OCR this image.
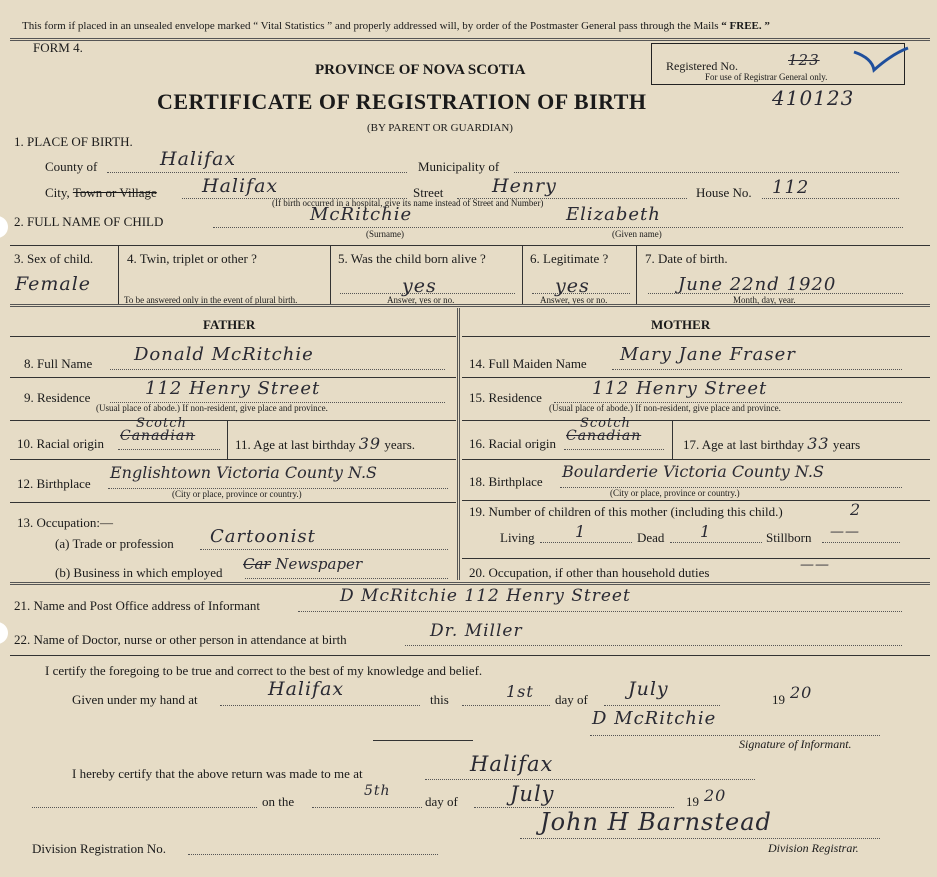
This form if placed in an unsealed envelope marked “ Vital Statistics ” and properly addressed will, by order of the Postmaster General pass through the Mails “ FREE. ”
FORM 4.
Registered No.	123
For use of Registrar General only.
PROVINCE OF NOVA SCOTIA
CERTIFICATE OF REGISTRATION OF BIRTH	410123
(BY PARENT OR GUARDIAN)
1. PLACE OF BIRTH.
County of	Halifax	Municipality of
City, Town or Village Halifax	Street	Henry
(If birth occurred in a hospital, give its name instead of Street and Number)
House No. 112
2. FULL NAME OF CHILD	McRitchie	Elizabeth
(Surname)	(Given name)
3. Sex of child.
Female
4. Twin, triplet or other ?
To be answered only in the event of plural birth.
5. Was the child born alive ?
yes
Answer, yes or no.
6. Legitimate ?
yes
Answer, yes or no.
7. Date of birth.
June 22nd 1920
Month, day, year.
FATHER
8. Full Name Donald McRitchie
9. Residence	112 Henry Street
(Usual place of abode.) If non-resident, give place and province.
10. Racial origin Canadian
Scotch
11. Age at last birthday 39 years.
12. Birthplace
Englishtown Victoria County N.S
(City or place, province or country.)
13. Occupation:—
(a) Trade or profession Cartoonist
(b) Business in which employed Car Newspaper
MOTHER
14. Full Maiden Name Mary Jane Fraser
15. Residence	112 Henry Street
(Usual place of abode.) If non-resident, give place and province.
16. Racial origin Canadian
Scotch
17. Age at last birthday 33 years
18. Birthplace
Boularderie Victoria County N.S
(City or place, province or country.)
19. Number of children of this mother (including this child.)	2
Living	1	Dead 1	Stillborn ——
20. Occupation, if other than household duties	——
21. Name and Post Office address of Informant	D McRitchie 112 Henry Street
22. Name of Doctor, nurse or other person in attendance at birth	Dr. Miller
I certify the foregoing to be true and correct to the best of my knowledge and belief.
Given under my hand at	Halifax	this	1st day of July	19 20
D McRitchie
Signature of Informant.
I hereby certify that the above return was made to me at	Halifax
on the
5th
day of July	19 20
Division Registration No.
John H Barnstead
Division Registrar.
